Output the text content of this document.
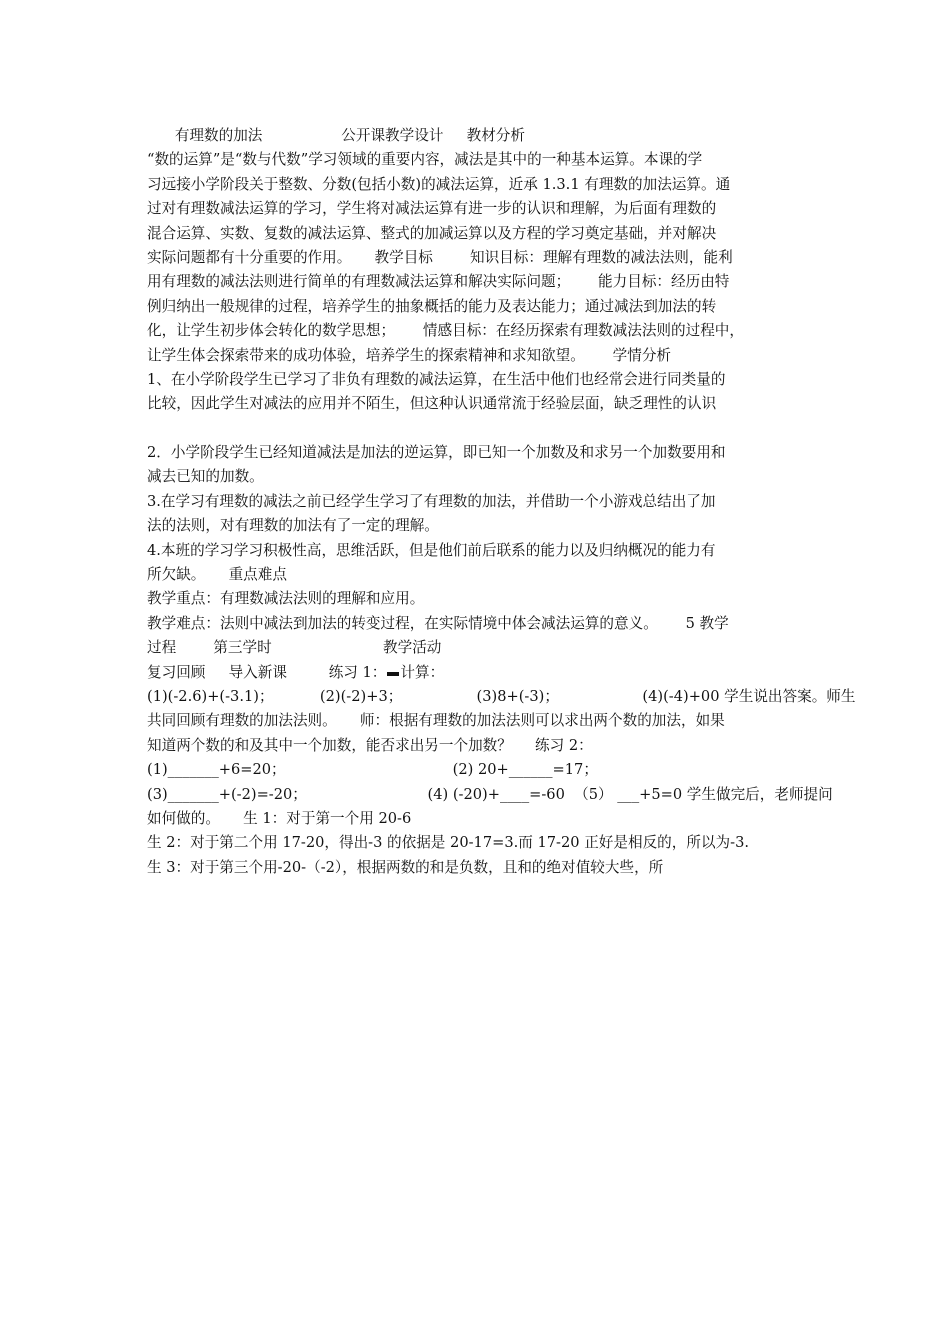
有理数的加法                 公开课教学设计     教材分析
“数的运算”是“数与代数”学习领域的重要内容，减法是其中的一种基本运算。本课的学
习远接小学阶段关于整数、分数(包括小数)的减法运算，近承 1.3.1 有理数的加法运算。通
过对有理数减法运算的学习，学生将对减法运算有进一步的认识和理解，为后面有理数的
混合运算、实数、复数的减法运算、整式的加减运算以及方程的学习奠定基础，并对解决
实际问题都有十分重要的作用。     教学目标        知识目标：理解有理数的减法法则，能利
用有理数的减法法则进行简单的有理数减法运算和解决实际问题；      能力目标：经历由特
例归纳出一般规律的过程，培养学生的抽象概括的能力及表达能力；通过减法到加法的转
化，让学生初步体会转化的数学思想；      情感目标：在经历探索有理数减法法则的过程中，
让学生体会探索带来的成功体验，培养学生的探索精神和求知欲望。      学情分析
1、在小学阶段学生已学习了非负有理数的减法运算，在生活中他们也经常会进行同类量的
比较，因此学生对减法的应用并不陌生，但这种认识通常流于经验层面，缺乏理性的认识
2．小学阶段学生已经知道减法是加法的逆运算，即已知一个加数及和求另一个加数要用和
减去已知的加数。
3.在学习有理数的减法之前已经学生学习了有理数的加法，并借助一个小游戏总结出了加
法的法则，对有理数的加法有了一定的理解。
4.本班的学习学习积极性高，思维活跃，但是他们前后联系的能力以及归纳概况的能力有
所欠缺。     重点难点
教学重点：有理数减法法则的理解和应用。
教学难点：法则中减法到加法的转变过程，在实际情境中体会减法运算的意义。      5 教学
过程        第三学时                        教学活动
复习回顾     导入新课         练习 1： 计算：
(1)(-2.6)+(-3.1)；          (2)(-2)+3；                (3)8+(-3)；                  (4)(-4)+00 学生说出答案。师生
共同回顾有理数的加法法则。     师：根据有理数的加法法则可以求出两个数的加法，如果
知道两个数的和及其中一个加数，能否求出另一个加数？     练习 2：
(1)_______+6=20；                                    (2) 20+______=17；
(3)_______+(-2)=-20；                          (4) (-20)+____=-60  （5） ___+5=0 学生做完后，老师提问
如何做的。     生 1：对于第一个用 20-6
生 2：对于第二个用 17-20，得出-3 的依据是 20-17=3.而 17-20 正好是相反的，所以为-3.
生 3：对于第三个用-20-（-2），根据两数的和是负数，且和的绝对值较大些，所
